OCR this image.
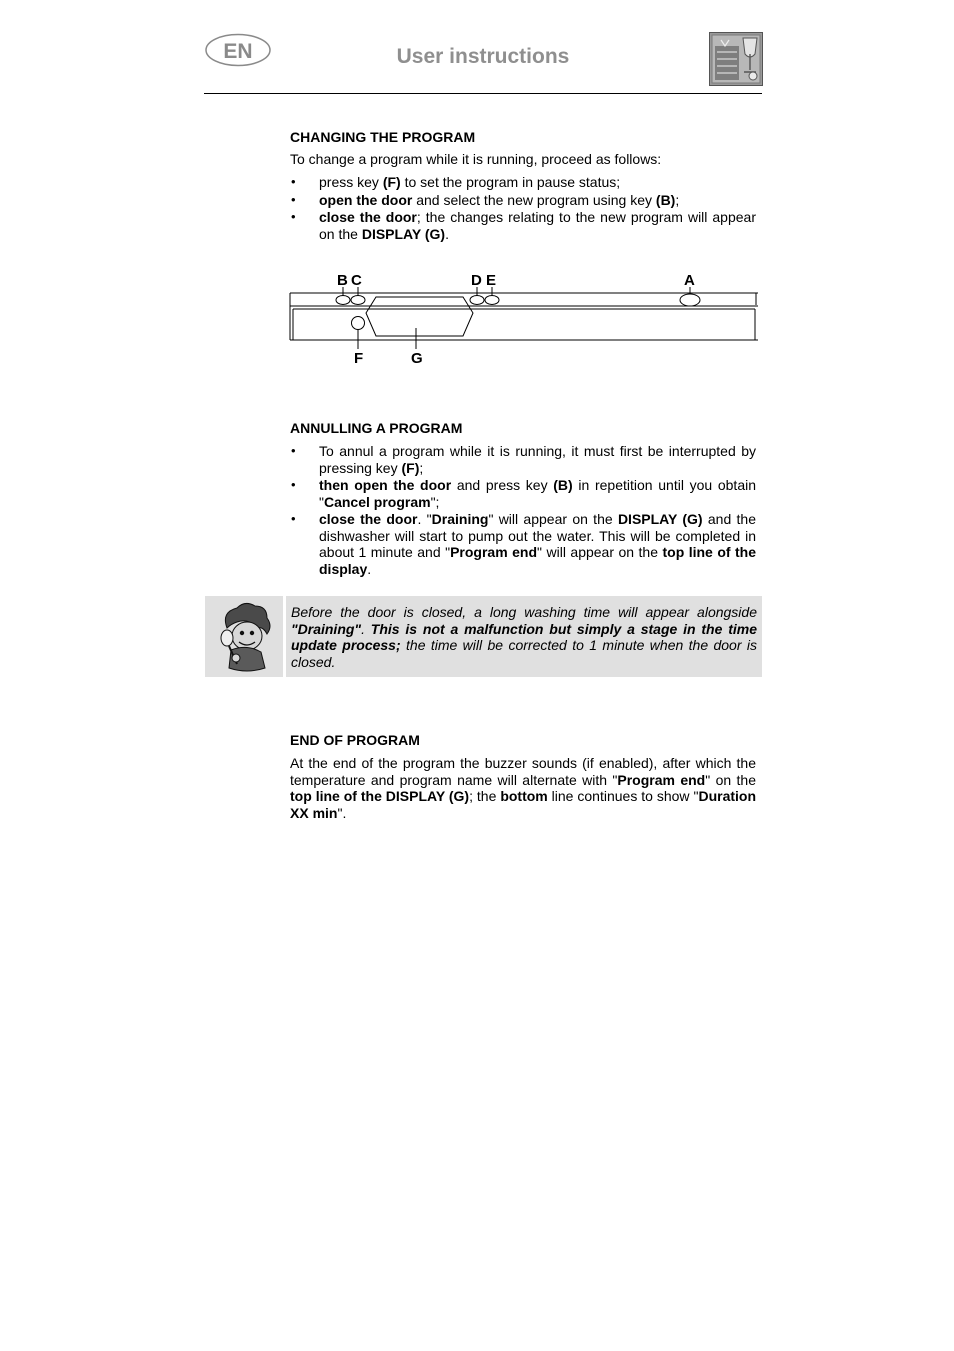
EN	User instructions
CHANGING THE PROGRAM
To change a program while it is running, proceed as follows:
• press key (F) to set the program in pause status;
• open the door and select the new program using key (B);
• close the door; the changes relating to the new program will appear on the DISPLAY (G).
B C	D E	A
F	G
ANNULLING A PROGRAM
• To annul a program while it is running, it must first be interrupted by pressing key (F);
• then open the door and press key (B) in repetition until you obtain "Cancel program";
• close the door. "Draining" will appear on the DISPLAY (G) and the dishwasher will start to pump out the water. This will be completed in about 1 minute and "Program end" will appear on the top line of the display.
Before the door is closed, a long washing time will appear alongside "Draining". This is not a malfunction but simply a stage in the time update process; the time will be corrected to 1 minute when the door is closed.
END OF PROGRAM
At the end of the program the buzzer sounds (if enabled), after which the temperature and program name will alternate with "Program end" on the top line of the DISPLAY (G); the bottom line continues to show "Duration XX min".
